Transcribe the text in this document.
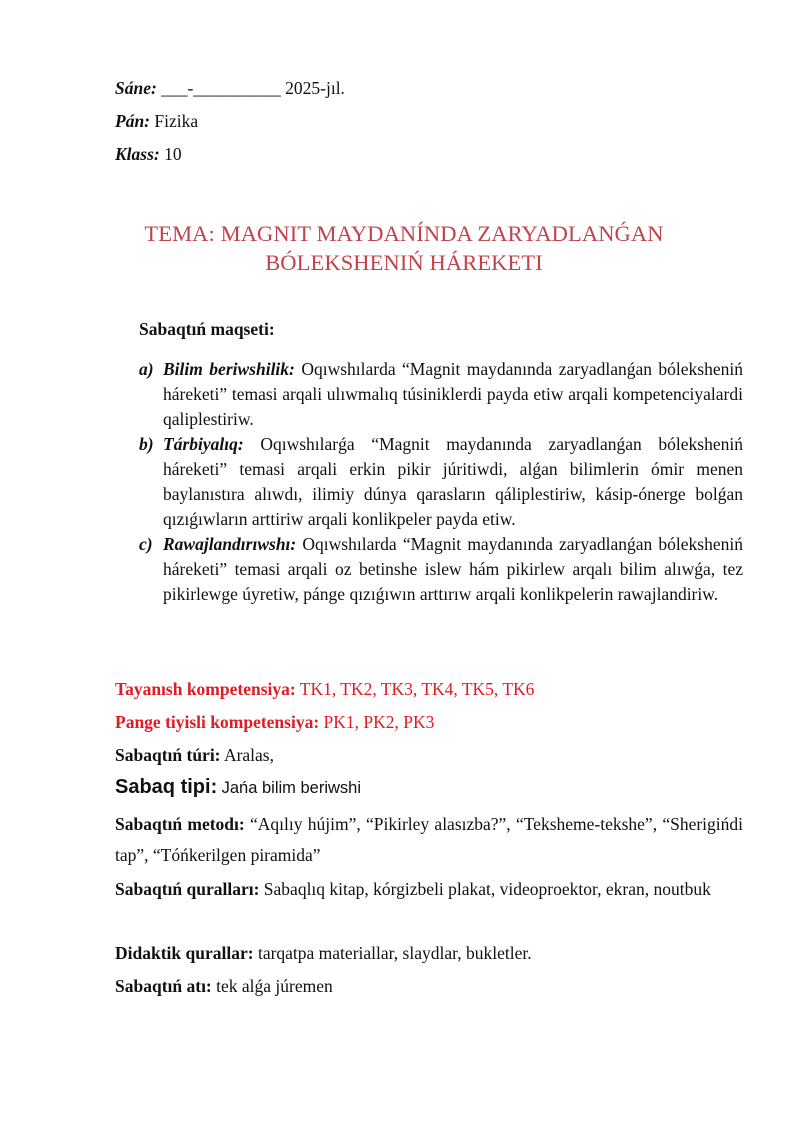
Sáne: ___-__________ 2025-jıl.
Pán: Fizika
Klass: 10
TEMA: MAGNIT MAYDANÍNDA ZARYADLANǴAN
BÓLEKSHENIŃ HÁREKETI
Sabaqtıń maqseti:
a) Bilim beriwshilik: Oqıwshılarda “Magnit maydanında zaryadlanǵan bóleksheniń háreketi” temasi arqali ulıwmalıq túsiniklerdi payda etiw arqali kompetenciyalardi qaliplestiriw.
b) Tárbiyalıq: Oqıwshılarǵa “Magnit maydanında zaryadlanǵan bóleksheniń háreketi” temasi arqali erkin pikir júritiwdi, alǵan bilimlerin ómir menen baylanıstıra alıwdı, ilimiy dúnya qarasların qáliplestiriw, kásip-ónerge bolǵan qızıǵıwların arttiriw arqali konlikpeler payda etiw.
c) Rawajlandırıwshı: Oqıwshılarda “Magnit maydanında zaryadlanǵan bóleksheniń háreketi” temasi arqali oz betinshe islew hám pikirlew arqalı bilim alıwǵa, tez pikirlewge úyretiw, pánge qızıǵıwın arttırıw arqali konlikpelerin rawajlandiriw.
Tayanısh kompetensiya: TK1, TK2, TK3, TK4, TK5, TK6
Pange tiyisli kompetensiya: PK1, PK2, PK3
Sabaqtıń túri: Aralas,
Sabaq tipi: Jańa bilim beriwshi
Sabaqtıń metodı: “Aqılıy hújim”, “Pikirley alasızba?”, “Teksheme-tekshe”, “Sherigińdi tap”, “Tóńkerilgen piramida”
Sabaqtıń quralları: Sabaqlıq kitap, kórgizbeli plakat, videoproektor, ekran, noutbuk
Didaktik qurallar: tarqatpa materiallar, slaydlar, bukletler.
Sabaqtıń atı: tek alǵa júremen
